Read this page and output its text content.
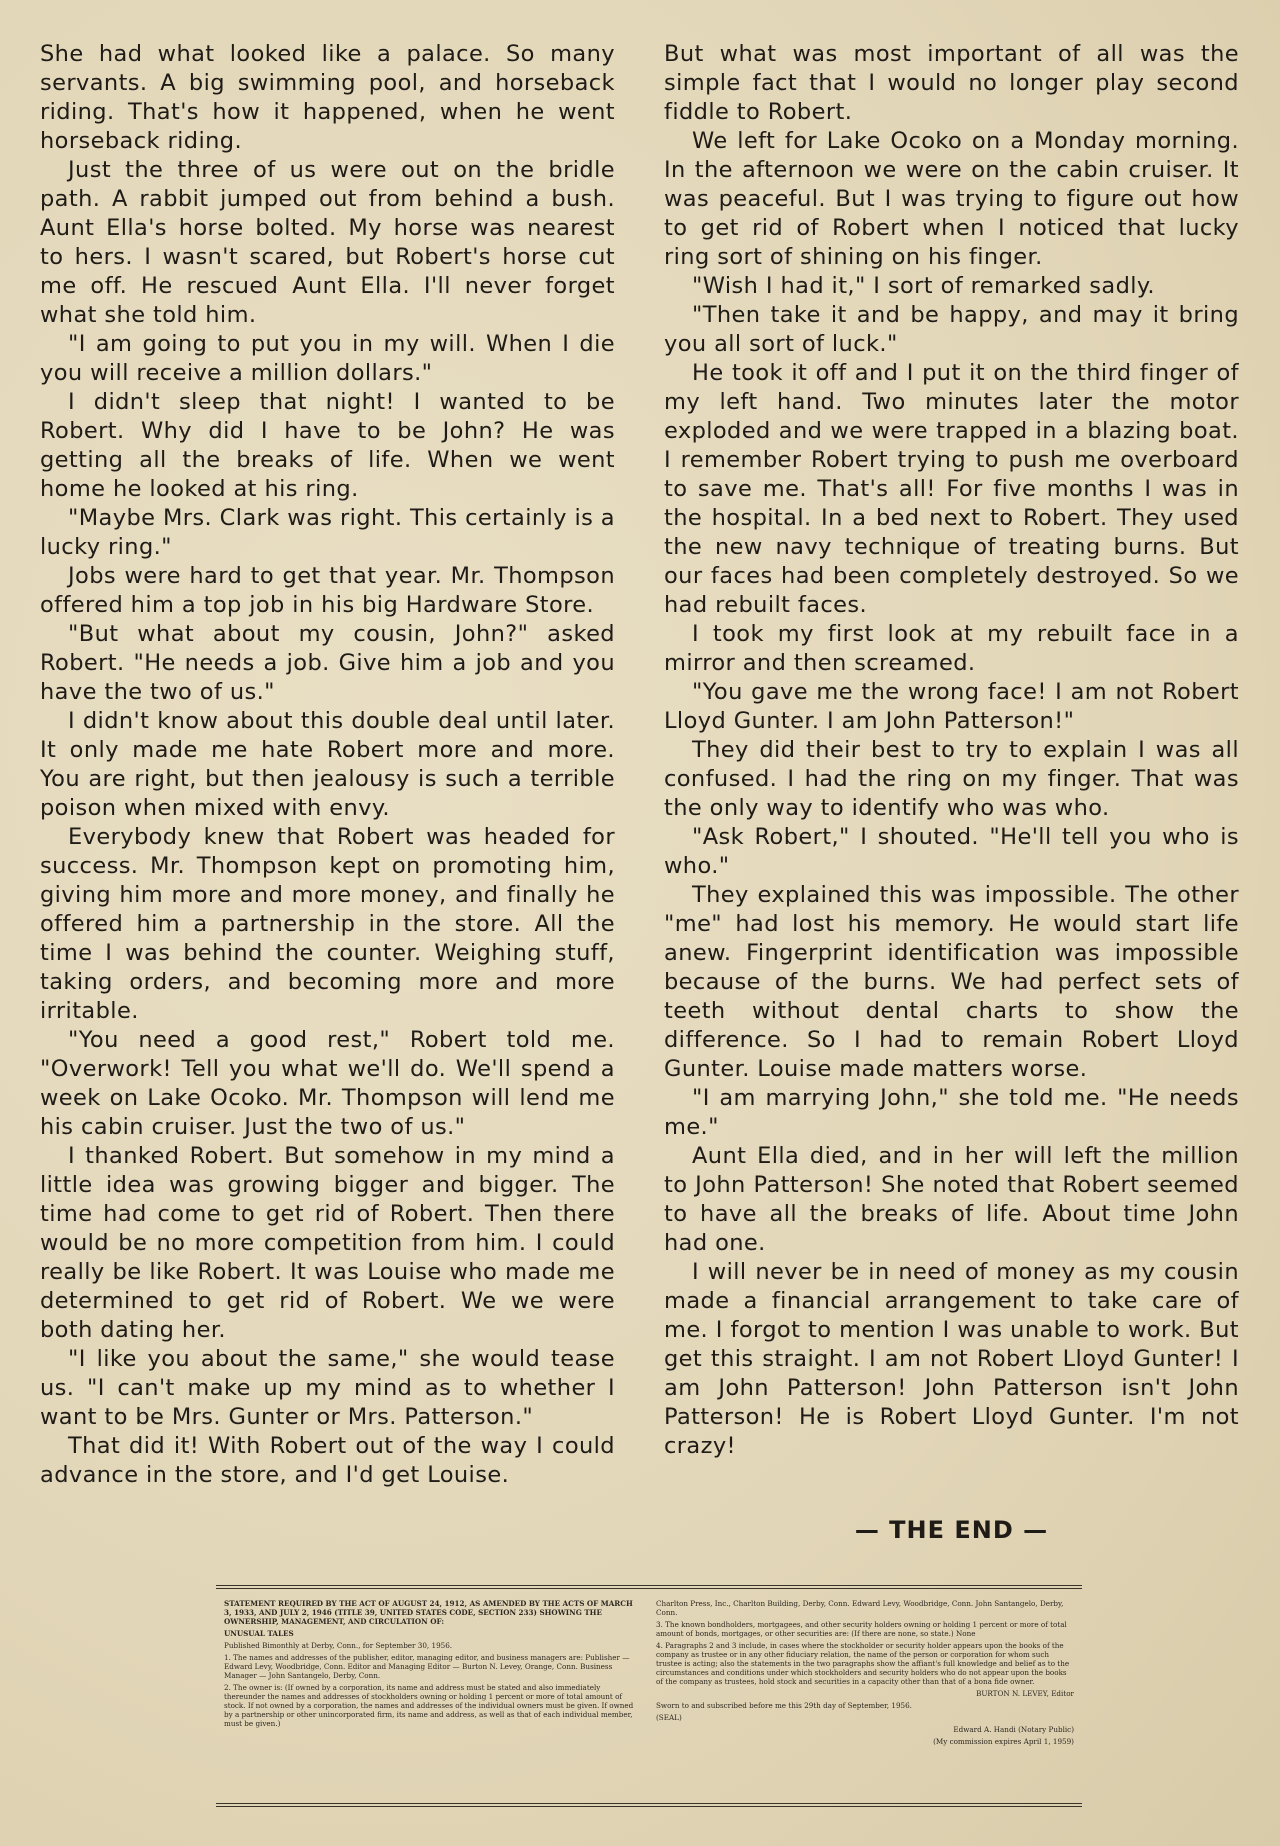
She had what looked like a palace. So many servants. A big swimming pool, and horseback riding. That's how it happened, when he went horseback riding.

Just the three of us were out on the bridle path. A rabbit jumped out from behind a bush. Aunt Ella's horse bolted. My horse was nearest to hers. I wasn't scared, but Robert's horse cut me off. He rescued Aunt Ella. I'll never forget what she told him.

"I am going to put you in my will. When I die you will receive a million dollars."

I didn't sleep that night! I wanted to be Robert. Why did I have to be John? He was getting all the breaks of life. When we went home he looked at his ring.

"Maybe Mrs. Clark was right. This certainly is a lucky ring."

Jobs were hard to get that year. Mr. Thompson offered him a top job in his big Hardware Store.

"But what about my cousin, John?" asked Robert. "He needs a job. Give him a job and you have the two of us."

I didn't know about this double deal until later. It only made me hate Robert more and more. You are right, but then jealousy is such a terrible poison when mixed with envy.

Everybody knew that Robert was headed for success. Mr. Thompson kept on promoting him, giving him more and more money, and finally he offered him a partnership in the store. All the time I was behind the counter. Weighing stuff, taking orders, and becoming more and more irritable.

"You need a good rest," Robert told me. "Overwork! Tell you what we'll do. We'll spend a week on Lake Ocoko. Mr. Thompson will lend me his cabin cruiser. Just the two of us."

I thanked Robert. But somehow in my mind a little idea was growing bigger and bigger. The time had come to get rid of Robert. Then there would be no more competition from him. I could really be like Robert. It was Louise who made me determined to get rid of Robert. We we were both dating her.

"I like you about the same," she would tease us. "I can't make up my mind as to whether I want to be Mrs. Gunter or Mrs. Patterson."

That did it! With Robert out of the way I could advance in the store, and I'd get Louise.

But what was most important of all was the simple fact that I would no longer play second fiddle to Robert.

We left for Lake Ocoko on a Monday morning. In the afternoon we were on the cabin cruiser. It was peaceful. But I was trying to figure out how to get rid of Robert when I noticed that lucky ring sort of shining on his finger.

"Wish I had it," I sort of remarked sadly.

"Then take it and be happy, and may it bring you all sort of luck."

He took it off and I put it on the third finger of my left hand. Two minutes later the motor exploded and we were trapped in a blazing boat. I remember Robert trying to push me overboard to save me. That's all! For five months I was in the hospital. In a bed next to Robert. They used the new navy technique of treating burns. But our faces had been completely destroyed. So we had rebuilt faces.

I took my first look at my rebuilt face in a mirror and then screamed.

"You gave me the wrong face! I am not Robert Lloyd Gunter. I am John Patterson!"

They did their best to try to explain I was all confused. I had the ring on my finger. That was the only way to identify who was who.

"Ask Robert," I shouted. "He'll tell you who is who."

They explained this was impossible. The other "me" had lost his memory. He would start life anew. Fingerprint identification was impossible because of the burns. We had perfect sets of teeth without dental charts to show the difference. So I had to remain Robert Lloyd Gunter. Louise made matters worse.

"I am marrying John," she told me. "He needs me."

Aunt Ella died, and in her will left the million to John Patterson! She noted that Robert seemed to have all the breaks of life. About time John had one.

I will never be in need of money as my cousin made a financial arrangement to take care of me. I forgot to mention I was unable to work. But get this straight. I am not Robert Lloyd Gunter! I am John Patterson! John Patterson isn't John Patterson! He is Robert Lloyd Gunter. I'm not crazy!

— THE END —

STATEMENT REQUIRED BY THE ACT OF AUGUST 24, 1912, AS AMENDED BY THE ACTS OF MARCH 3, 1933, AND JULY 2, 1946 (TITLE 39, UNITED STATES CODE, SECTION 233) SHOWING THE OWNERSHIP, MANAGEMENT, AND CIRCULATION OF:

UNUSUAL TALES

Published Bimonthly at Derby, Conn., for September 30, 1956.

1. The names and addresses of the publisher, editor, managing editor, and business managers are: Publisher — Edward Levy, Woodbridge, Conn. Editor and Managing Editor — Burton N. Levey, Orange, Conn. Business Manager — John Santangelo, Derby, Conn.

2. The owner is: (If owned by a corporation, its name and address must be stated and also immediately thereunder the names and addresses of stockholders owning or holding 1 percent or more of total amount of stock. If not owned by a corporation, the names and addresses of the individual owners must be given. If owned by a partnership or other unincorporated firm, its name and address, as well as that of each individual member, must be given.)

Charlton Press, Inc., Charlton Building, Derby, Conn. Edward Levy, Woodbridge, Conn. John Santangelo, Derby, Conn.

3. The known bondholders, mortgagees, and other security holders owning or holding 1 percent or more of total amount of bonds, mortgages, or other securities are: (If there are none, so state.) None

4. Paragraphs 2 and 3 include, in cases where the stockholder or security holder appears upon the books of the company as trustee or in any other fiduciary relation, the name of the person or corporation for whom such trustee is acting; also the statements in the two paragraphs show the affiant's full knowledge and belief as to the circumstances and conditions under which stockholders and security holders who do not appear upon the books of the company as trustees, hold stock and securities in a capacity other than that of a bona fide owner.

BURTON N. LEVEY, Editor

Sworn to and subscribed before me this 29th day of September, 1956.

(SEAL)

Edward A. Handi (Notary Public)

(My commission expires April 1, 1959)
